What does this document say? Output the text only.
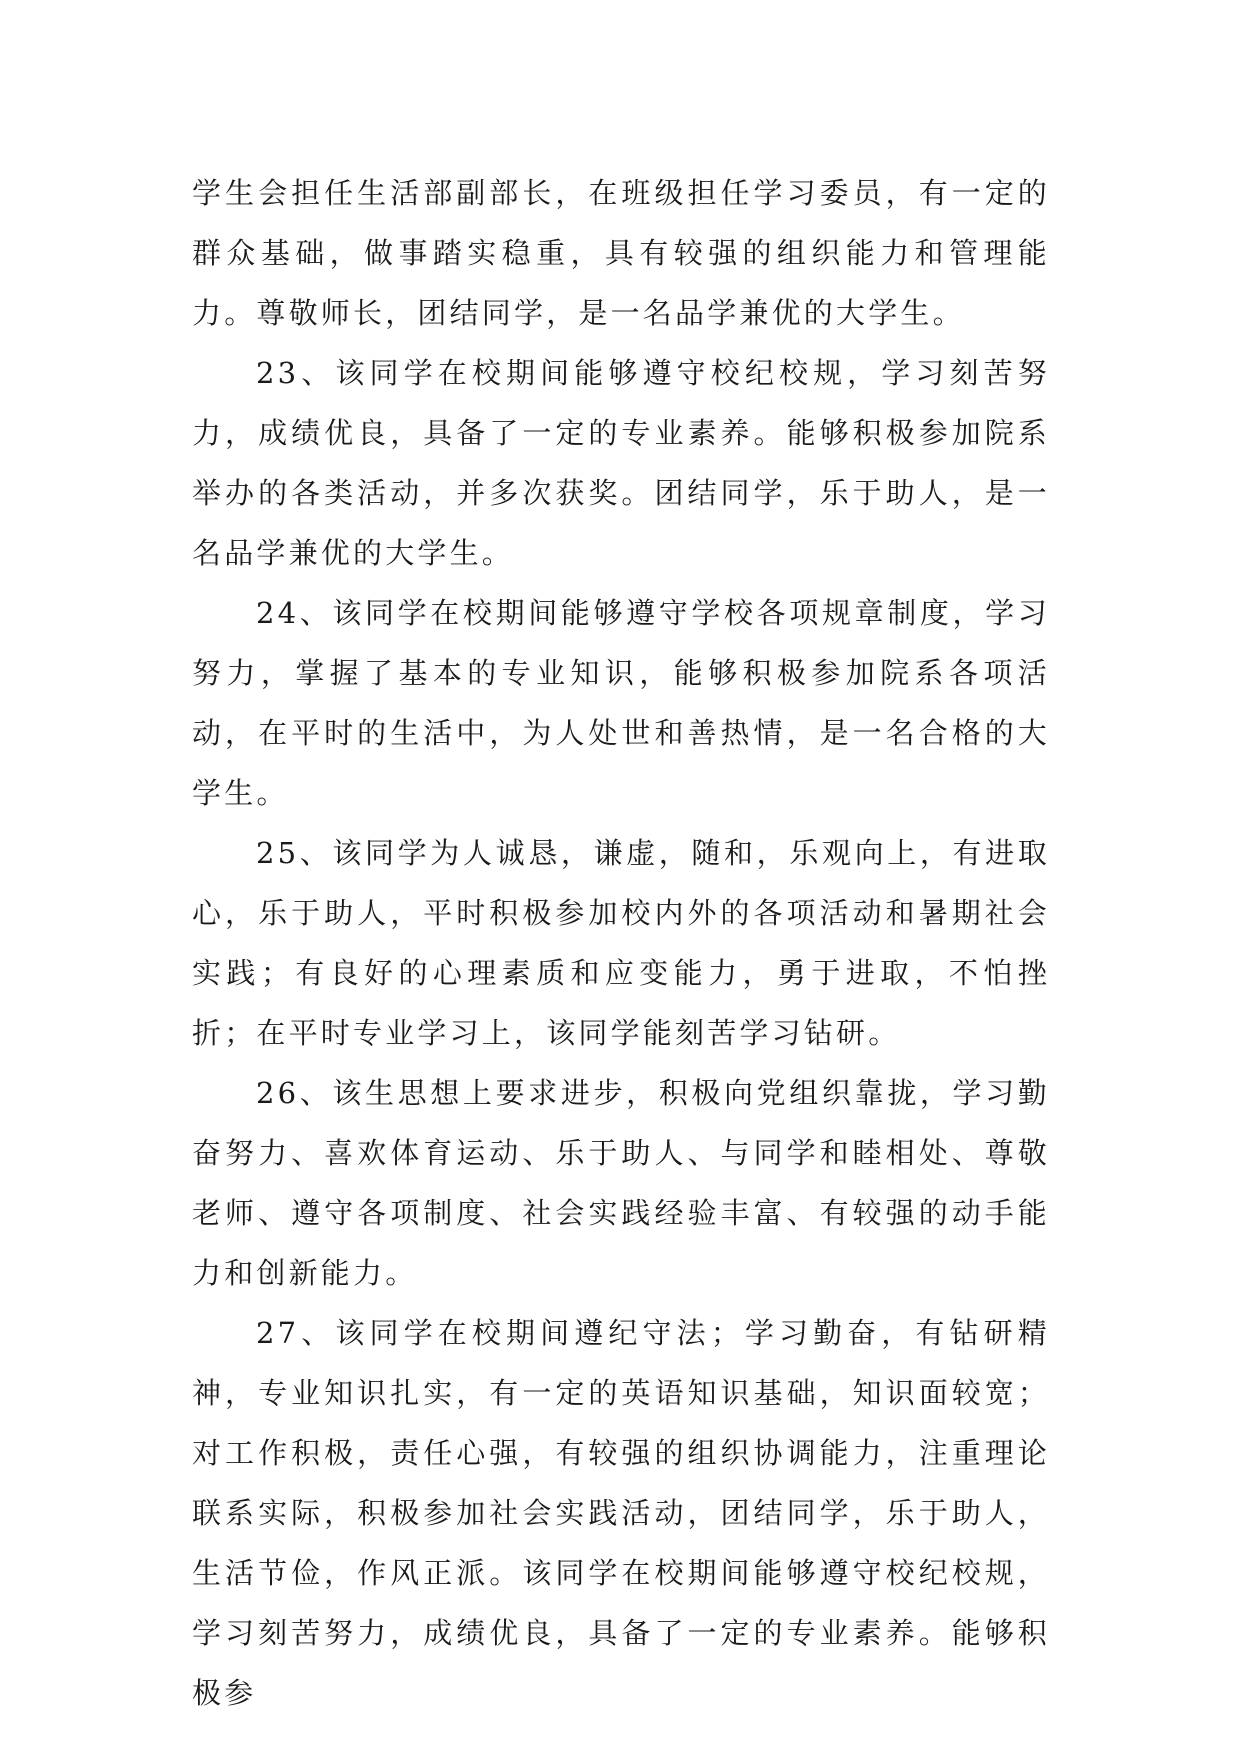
学生会担任生活部副部长，在班级担任学习委员，有一定的群众基础，做事踏实稳重，具有较强的组织能力和管理能力。尊敬师长，团结同学，是一名品学兼优的大学生。

23、该同学在校期间能够遵守校纪校规，学习刻苦努力，成绩优良，具备了一定的专业素养。能够积极参加院系举办的各类活动，并多次获奖。团结同学，乐于助人，是一名品学兼优的大学生。

24、该同学在校期间能够遵守学校各项规章制度，学习努力，掌握了基本的专业知识，能够积极参加院系各项活动，在平时的生活中，为人处世和善热情，是一名合格的大学生。

25、该同学为人诚恳，谦虚，随和，乐观向上，有进取心，乐于助人，平时积极参加校内外的各项活动和暑期社会实践；有良好的心理素质和应变能力，勇于进取，不怕挫折；在平时专业学习上，该同学能刻苦学习钻研。

26、该生思想上要求进步，积极向党组织靠拢，学习勤奋努力、喜欢体育运动、乐于助人、与同学和睦相处、尊敬老师、遵守各项制度、社会实践经验丰富、有较强的动手能力和创新能力。

27、该同学在校期间遵纪守法；学习勤奋，有钻研精神，专业知识扎实，有一定的英语知识基础，知识面较宽；对工作积极，责任心强，有较强的组织协调能力，注重理论联系实际，积极参加社会实践活动，团结同学，乐于助人，生活节俭，作风正派。该同学在校期间能够遵守校纪校规，学习刻苦努力，成绩优良，具备了一定的专业素养。能够积极参
